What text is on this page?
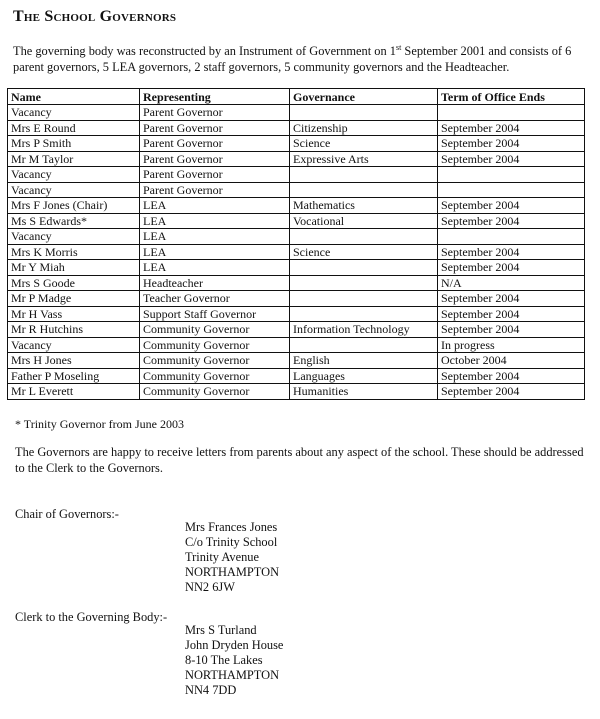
The School Governors

The governing body was reconstructed by an Instrument of Government on 1st September 2001 and consists of 6 parent governors, 5 LEA governors, 2 staff governors, 5 community governors and the Headteacher.

Name	Representing	Governance	Term of Office Ends
Vacancy	Parent Governor		
Mrs E Round	Parent Governor	Citizenship	September 2004
Mrs P Smith	Parent Governor	Science	September 2004
Mr M Taylor	Parent Governor	Expressive Arts	September 2004
Vacancy	Parent Governor		
Vacancy	Parent Governor		
Mrs F Jones (Chair)	LEA	Mathematics	September 2004
Ms S Edwards*	LEA	Vocational	September 2004
Vacancy	LEA		
Mrs K Morris	LEA	Science	September 2004
Mr Y Miah	LEA		September 2004
Mrs S Goode	Headteacher		N/A
Mr P Madge	Teacher Governor		September 2004
Mr H Vass	Support Staff Governor		September 2004
Mr R Hutchins	Community Governor	Information Technology	September 2004
Vacancy	Community Governor		In progress
Mrs H Jones	Community Governor	English	October 2004
Father P Moseling	Community Governor	Languages	September 2004
Mr L Everett	Community Governor	Humanities	September 2004

* Trinity Governor from June 2003

The Governors are happy to receive letters from parents about any aspect of the school. These should be addressed to the Clerk to the Governors.

Chair of Governors:-

Mrs Frances Jones
C/o Trinity School
Trinity Avenue
NORTHAMPTON
NN2 6JW

Clerk to the Governing Body:-

Mrs S Turland
John Dryden House
8-10 The Lakes
NORTHAMPTON
NN4 7DD
